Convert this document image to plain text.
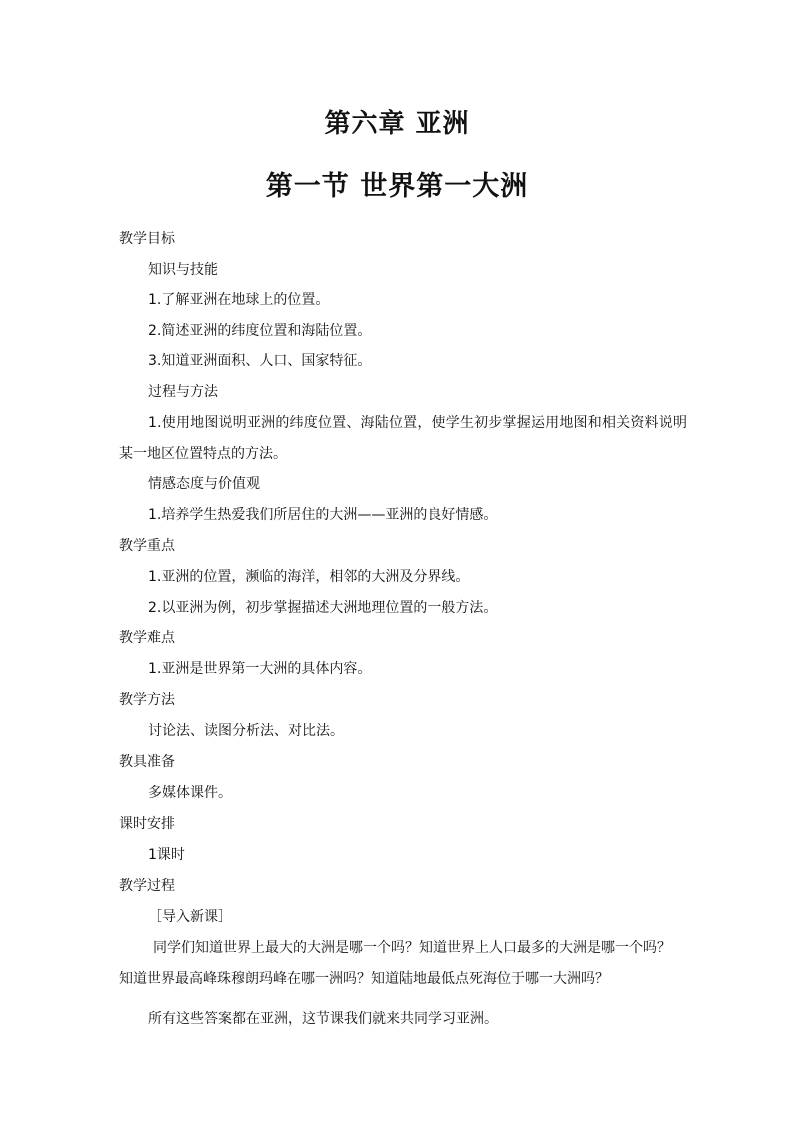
第六章 亚洲
第一节 世界第一大洲
教学目标
知识与技能
1.了解亚洲在地球上的位置。
2.简述亚洲的纬度位置和海陆位置。
3.知道亚洲面积、人口、国家特征。
过程与方法
1.使用地图说明亚洲的纬度位置、海陆位置，使学生初步掌握运用地图和相关资料说明
某一地区位置特点的方法。
情感态度与价值观
1.培养学生热爱我们所居住的大洲——亚洲的良好情感。
教学重点
1.亚洲的位置，濒临的海洋，相邻的大洲及分界线。
2.以亚洲为例，初步掌握描述大洲地理位置的一般方法。
教学难点
1.亚洲是世界第一大洲的具体内容。
教学方法
讨论法、读图分析法、对比法。
教具准备
多媒体课件。
课时安排
1课时
教学过程
［导入新课］
同学们知道世界上最大的大洲是哪一个吗？知道世界上人口最多的大洲是哪一个吗？
知道世界最高峰珠穆朗玛峰在哪一洲吗？知道陆地最低点死海位于哪一大洲吗？
所有这些答案都在亚洲，这节课我们就来共同学习亚洲。
